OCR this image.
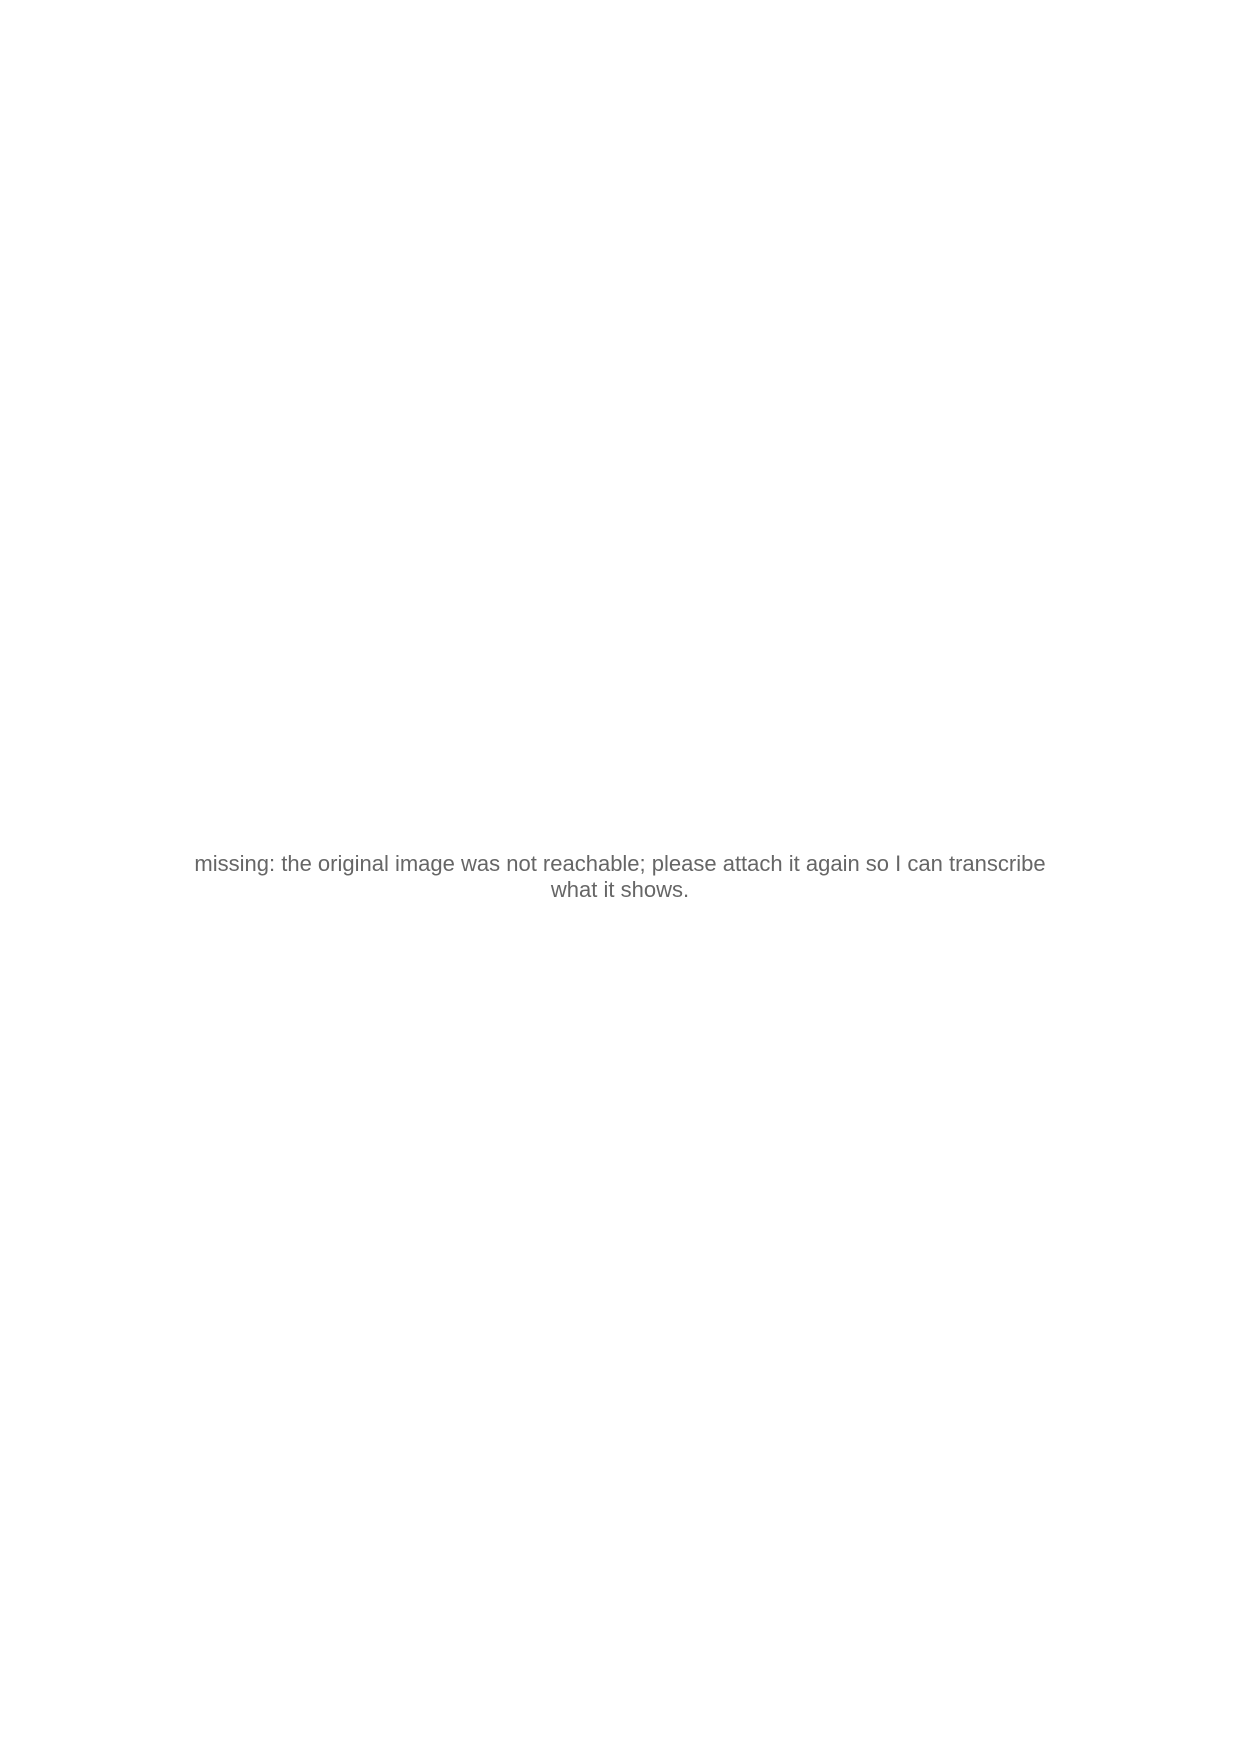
missing: the original image was not reachable; please attach it again so I can transcribe what it shows.
